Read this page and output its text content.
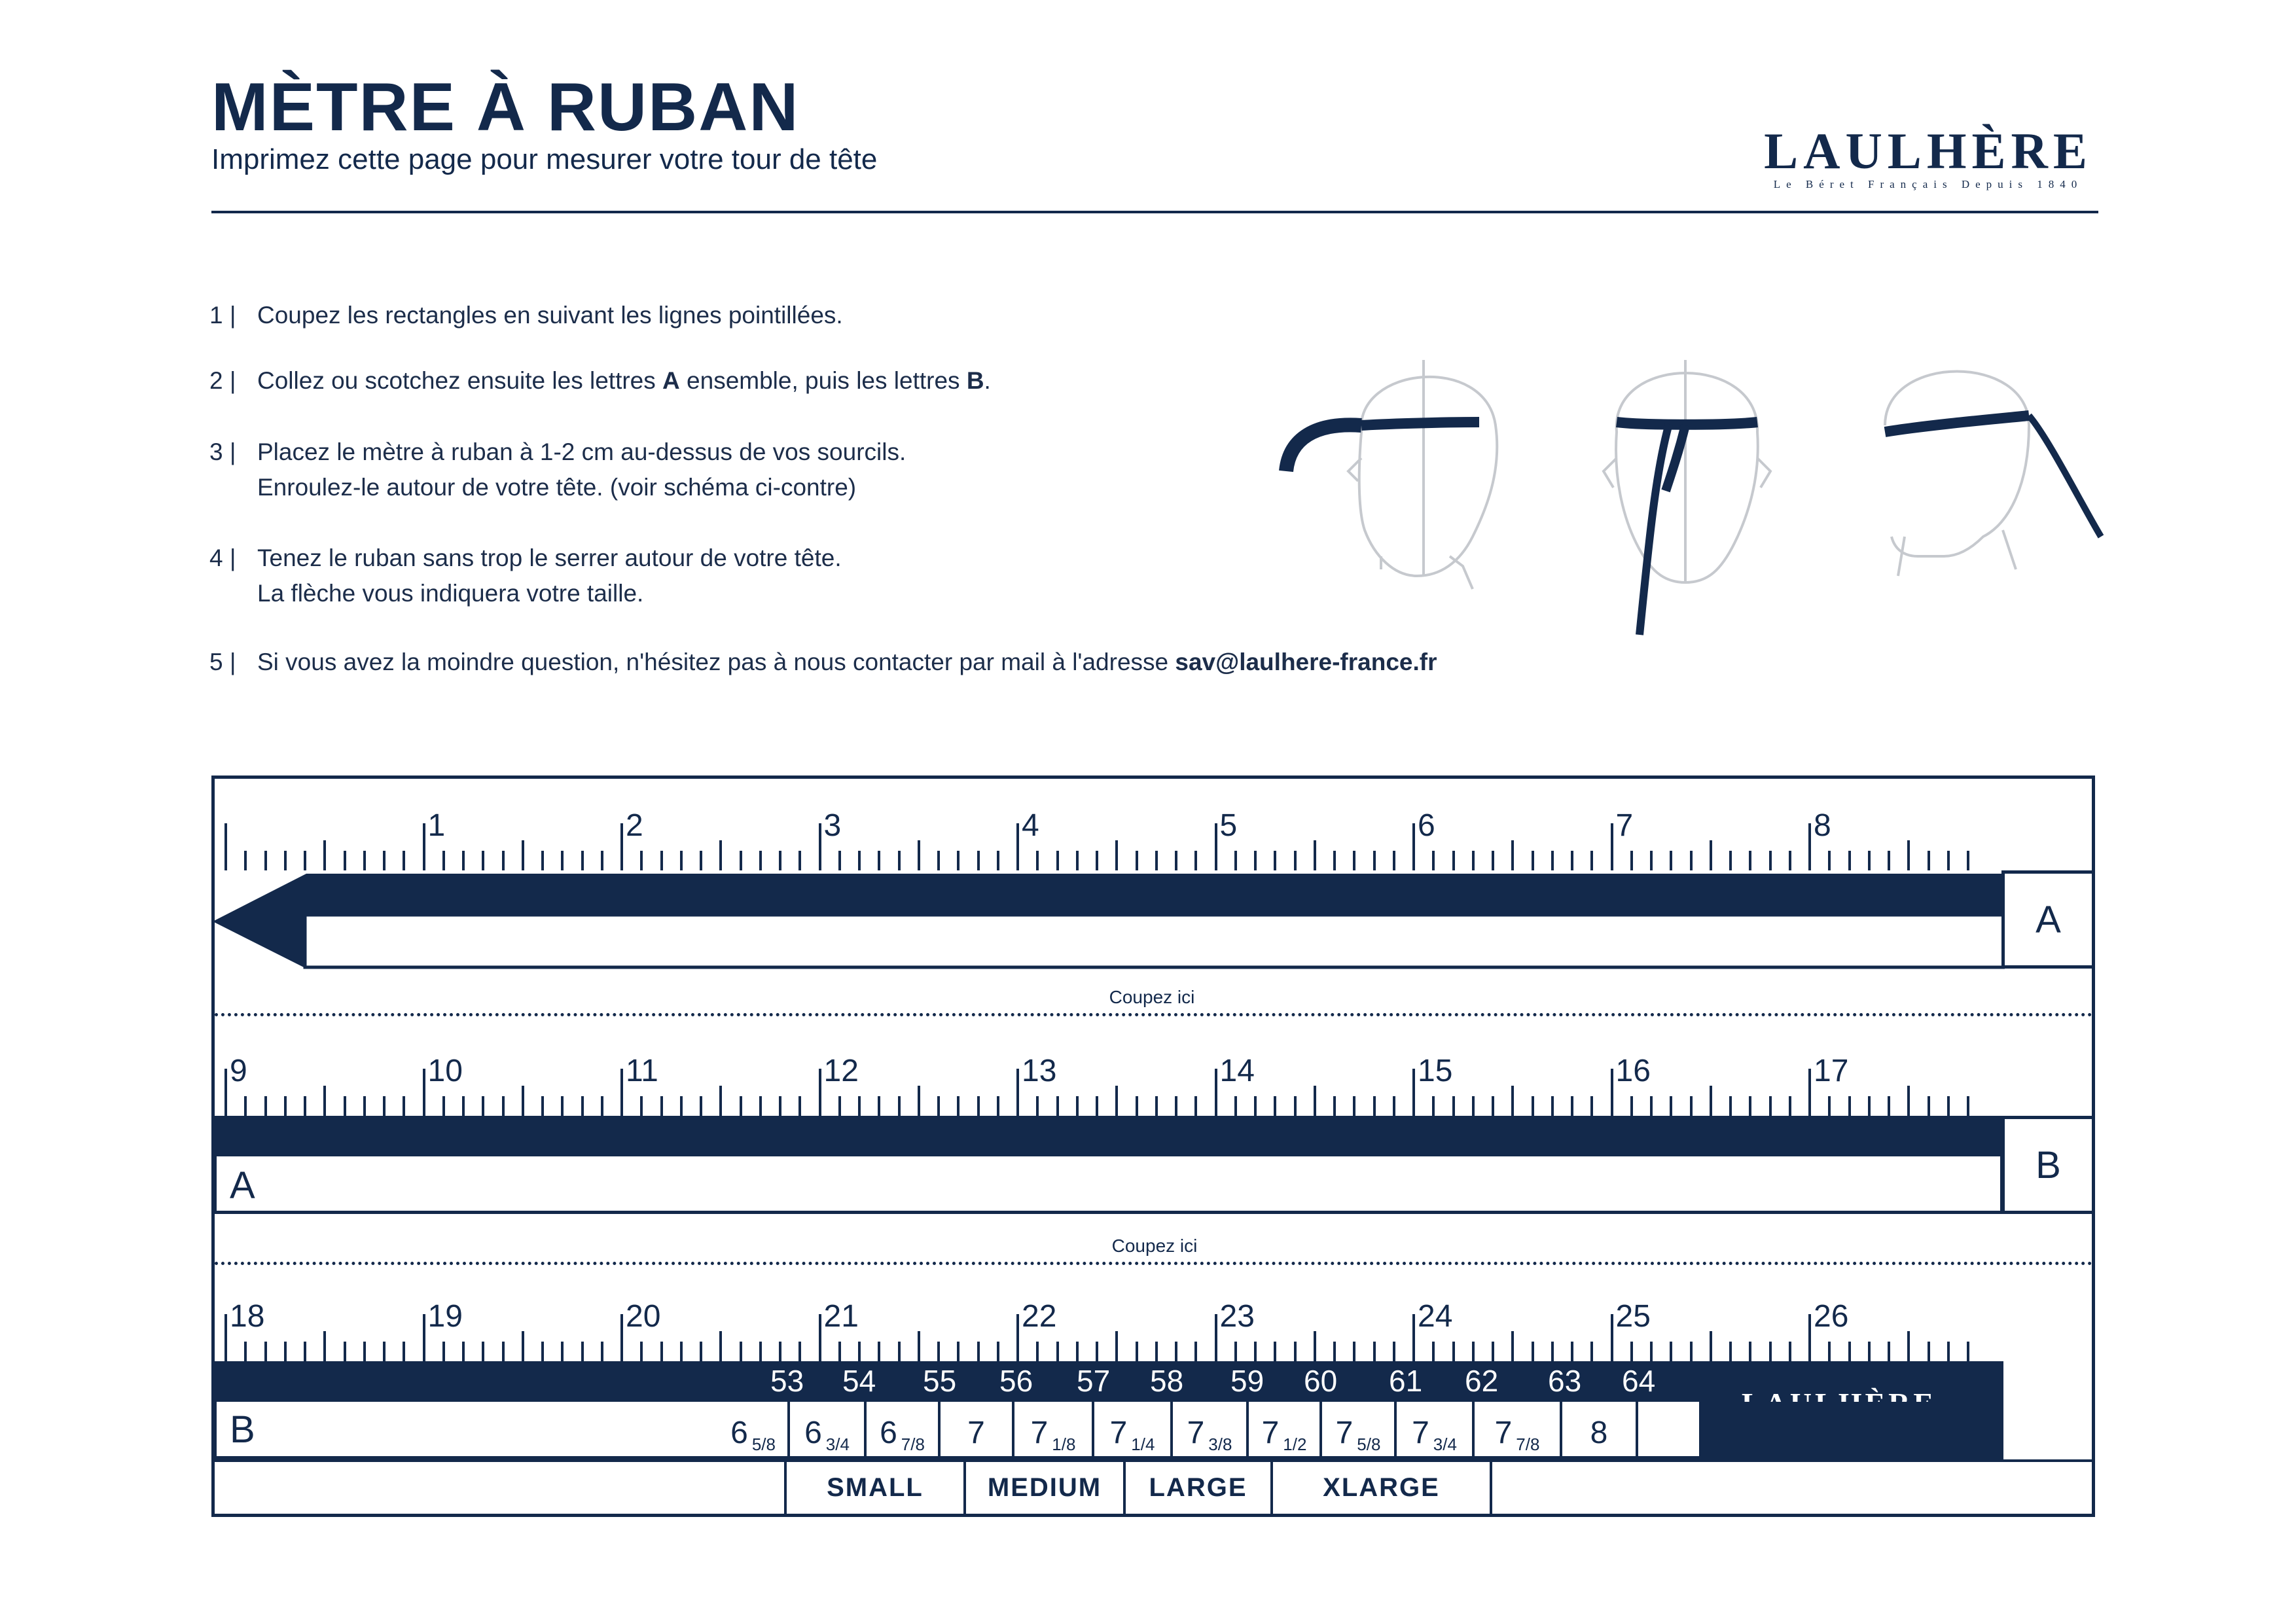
MÈTRE À RUBAN
Imprimez cette page pour mesurer votre tour de tête	LAULHÈRE
Le Béret Français Depuis 1840
1 | Coupez les rectangles en suivant les lignes pointillées.
2 | Collez ou scotchez ensuite les lettres A ensemble, puis les lettres B.
3 | Placez le mètre à ruban à 1-2 cm au-dessus de vos sourcils.
Enroulez-le autour de votre tête. (voir schéma ci-contre)
4 | Tenez le ruban sans trop le serrer autour de votre tête.
La flèche vous indiquera votre taille.
5 | Si vous avez la moindre question, n'hésitez pas à nous contacter par mail à l'adresse sav@laulhere-france.fr
1	2	3	4	5	6	7	8
A
Coupez ici
9	10	11	12	13	14	15	16	17
A	B
Coupez ici
18	19	20	21	22	23	24	25	26
53 54 55 56 57 58 59 60 61 62 63 64
B	$6^{5/8}$ $6^{3/4}$ $6^{7/8}$ 7 $7^{1/8}$ $7^{1/4}$ $7^{3/8}$ $7^{1/2}$ $7^{5/8}$ $7^{3/4}$ $7^{7/8}$ 8
SMALL	MEDIUM	LARGE	XLARGE
